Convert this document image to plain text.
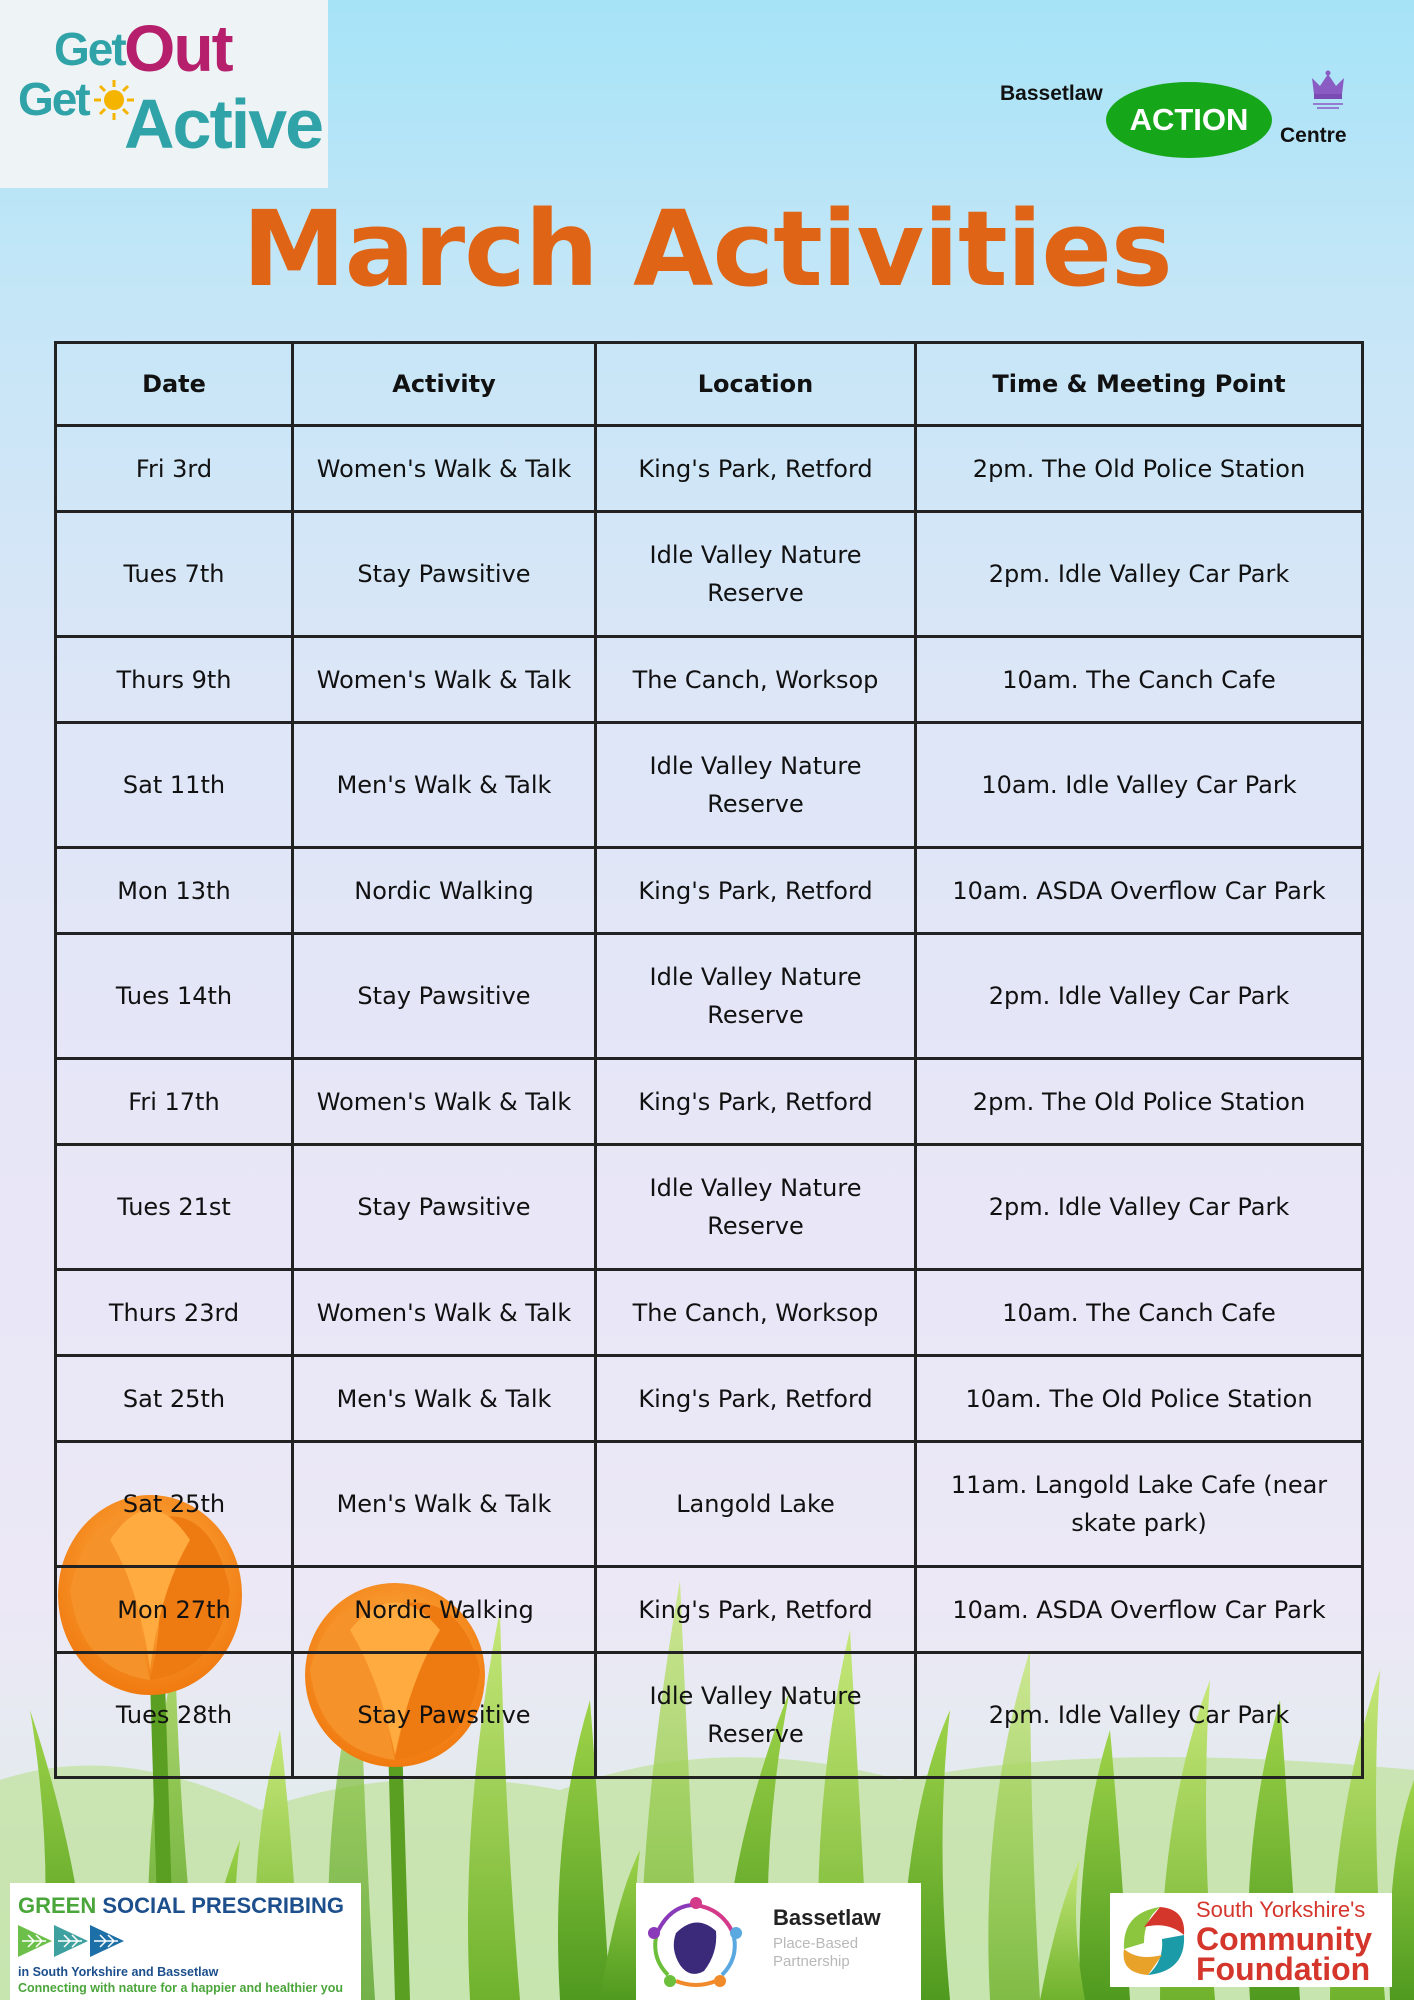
Get Out
Get Active	Bassetlaw
ACTION	Centre
March Activities
Date	Activity	Location	Time & Meeting Point
Fri 3rd	Women's Walk & Talk	King's Park, Retford	2pm. The Old Police Station
Tues 7th	Stay Pawsitive	Idle Valley Nature Reserve	2pm. Idle Valley Car Park
Thurs 9th	Women's Walk & Talk	The Canch, Worksop	10am. The Canch Cafe
Sat 11th	Men's Walk & Talk	Idle Valley Nature Reserve	10am. Idle Valley Car Park
Mon 13th	Nordic Walking	King's Park, Retford	10am. ASDA Overflow Car Park
Tues 14th	Stay Pawsitive	Idle Valley Nature Reserve	2pm. Idle Valley Car Park
Fri 17th	Women's Walk & Talk	King's Park, Retford	2pm. The Old Police Station
Tues 21st	Stay Pawsitive	Idle Valley Nature Reserve	2pm. Idle Valley Car Park
Thurs 23rd	Women's Walk & Talk	The Canch, Worksop	10am. The Canch Cafe
Sat 25th	Men's Walk & Talk	King's Park, Retford	10am. The Old Police Station
Sat 25th	Men's Walk & Talk	Langold Lake	11am. Langold Lake Cafe (near skate park)
Mon 27th	Nordic Walking	King's Park, Retford	10am. ASDA Overflow Car Park
Tues 28th	Stay Pawsitive	Idle Valley Nature Reserve	2pm. Idle Valley Car Park
GREEN SOCIAL PRESCRIBING
in South Yorkshire and Bassetlaw
Connecting with nature for a happier and healthier you
Bassetlaw
Place-Based
Partnership
South Yorkshire's
Community
Foundation
